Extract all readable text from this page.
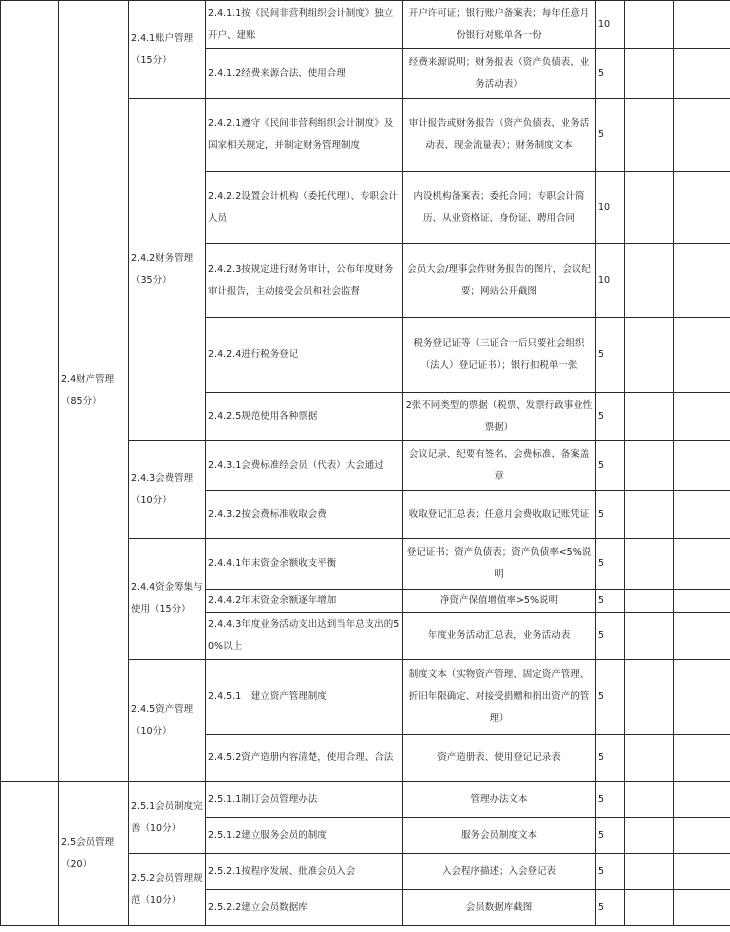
	2.4财产管理（85分）	2.4.1账户管理（15分）	2.4.1.1按《民间非营利组织会计制度》独立开户、建账	开户许可证；银行账户备案表；每年任意月份银行对账单各一份	10		
			2.4.1.2经费来源合法、使用合理	经费来源说明；财务报表（资产负债表、业务活动表）	5		
		2.4.2财务管理（35分）	2.4.2.1遵守《民间非营利组织会计制度》及国家相关规定，并制定财务管理制度	审计报告或财务报告（资产负债表、业务活动表、现金流量表）；财务制度文本	5		
			2.4.2.2设置会计机构（委托代理）、专职会计人员	内设机构备案表；委托合同；专职会计简历、从业资格证、身份证、聘用合同	10		
			2.4.2.3按规定进行财务审计，公布年度财务审计报告，主动接受会员和社会监督	会员大会/理事会作财务报告的图片，会议纪要；网站公开截图	10		
			2.4.2.4进行税务登记	税务登记证等（三证合一后只要社会组织（法人）登记证书）；银行扣税单一张	5		
			2.4.2.5规范使用各种票据	2张不同类型的票据（税票、发票行政事业性票据）	5		
		2.4.3会费管理（10分）	2.4.3.1会费标准经会员（代表）大会通过	会议记录、纪要有签名、会费标准、备案盖章	5		
			2.4.3.2按会费标准收取会费	收取登记汇总表；任意月会费收取记账凭证	5		
		2.4.4资金筹集与使用（15分）	2.4.4.1年末资金余额收支平衡	登记证书；资产负债表；资产负债率<5%说明	5		
			2.4.4.2年末资金余额逐年增加	净资产保值增值率>5%说明	5		
			2.4.4.3年度业务活动支出达到当年总支出的50%以上	年度业务活动汇总表，业务活动表	5		
		2.4.5资产管理（10分）	2.4.5.1　建立资产管理制度	制度文本（实物资产管理、固定资产管理、折旧年限确定、对接受捐赠和捐出资产的管理）	5		
			2.4.5.2资产造册内容清楚，使用合理、合法	资产造册表、使用登记记录表	5		
	2.5会员管理（20）	2.5.1会员制度完善（10分）	2.5.1.1制订会员管理办法	管理办法文本	5		
			2.5.1.2建立服务会员的制度	服务会员制度文本	5		
		2.5.2会员管理规范（10分）	2.5.2.1按程序发展、批准会员入会	入会程序描述；入会登记表	5		
			2.5.2.2建立会员数据库	会员数据库截图	5		
